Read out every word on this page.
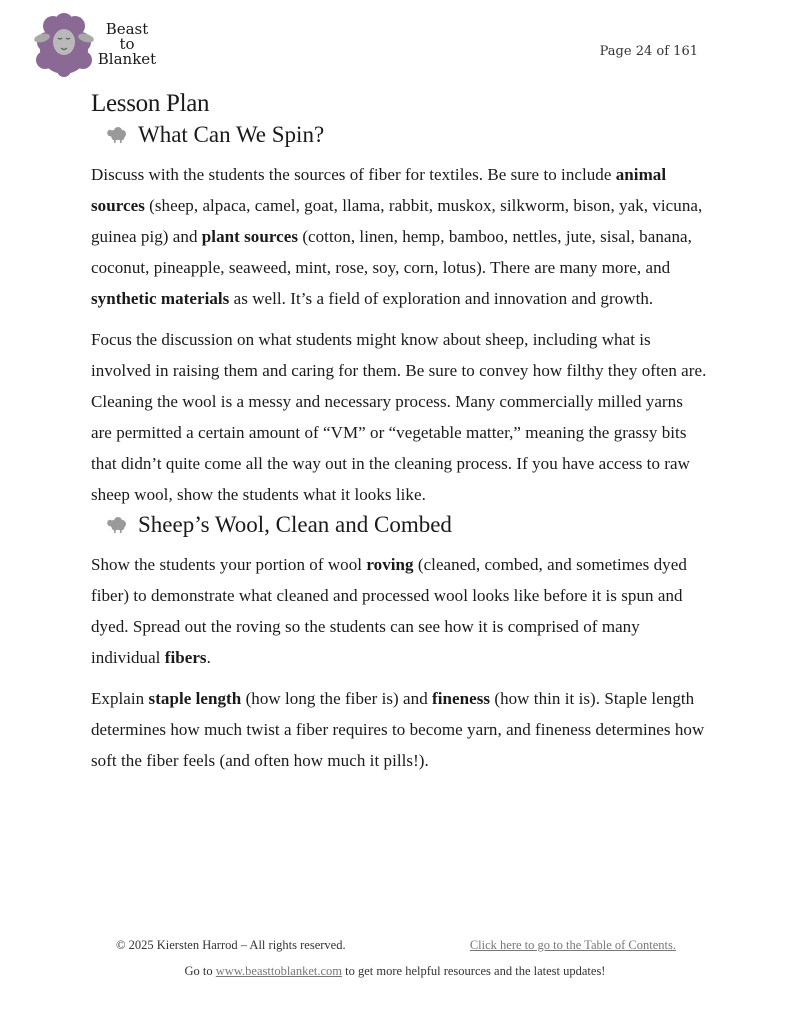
Beast
to
Blanket	Page 24 of 161
Lesson Plan
What Can We Spin?

Discuss with the students the sources of fiber for textiles. Be sure to include animal sources (sheep, alpaca, camel, goat, llama, rabbit, muskox, silkworm, bison, yak, vicuna, guinea pig) and plant sources (cotton, linen, hemp, bamboo, nettles, jute, sisal, banana, coconut, pineapple, seaweed, mint, rose, soy, corn, lotus). There are many more, and synthetic materials as well. It’s a field of exploration and innovation and growth.

Focus the discussion on what students might know about sheep, including what is involved in raising them and caring for them. Be sure to convey how filthy they often are. Cleaning the wool is a messy and necessary process. Many commercially milled yarns are permitted a certain amount of “VM” or “vegetable matter,” meaning the grassy bits that didn’t quite come all the way out in the cleaning process. If you have access to raw sheep wool, show the students what it looks like.

Sheep’s Wool, Clean and Combed

Show the students your portion of wool roving (cleaned, combed, and sometimes dyed fiber) to demonstrate what cleaned and processed wool looks like before it is spun and dyed. Spread out the roving so the students can see how it is comprised of many individual fibers.

Explain staple length (how long the fiber is) and fineness (how thin it is). Staple length determines how much twist a fiber requires to become yarn, and fineness determines how soft the fiber feels (and often how much it pills!).

© 2025 Kiersten Harrod – All rights reserved.	Click here to go to the Table of Contents.
Go to www.beasttoblanket.com to get more helpful resources and the latest updates!
